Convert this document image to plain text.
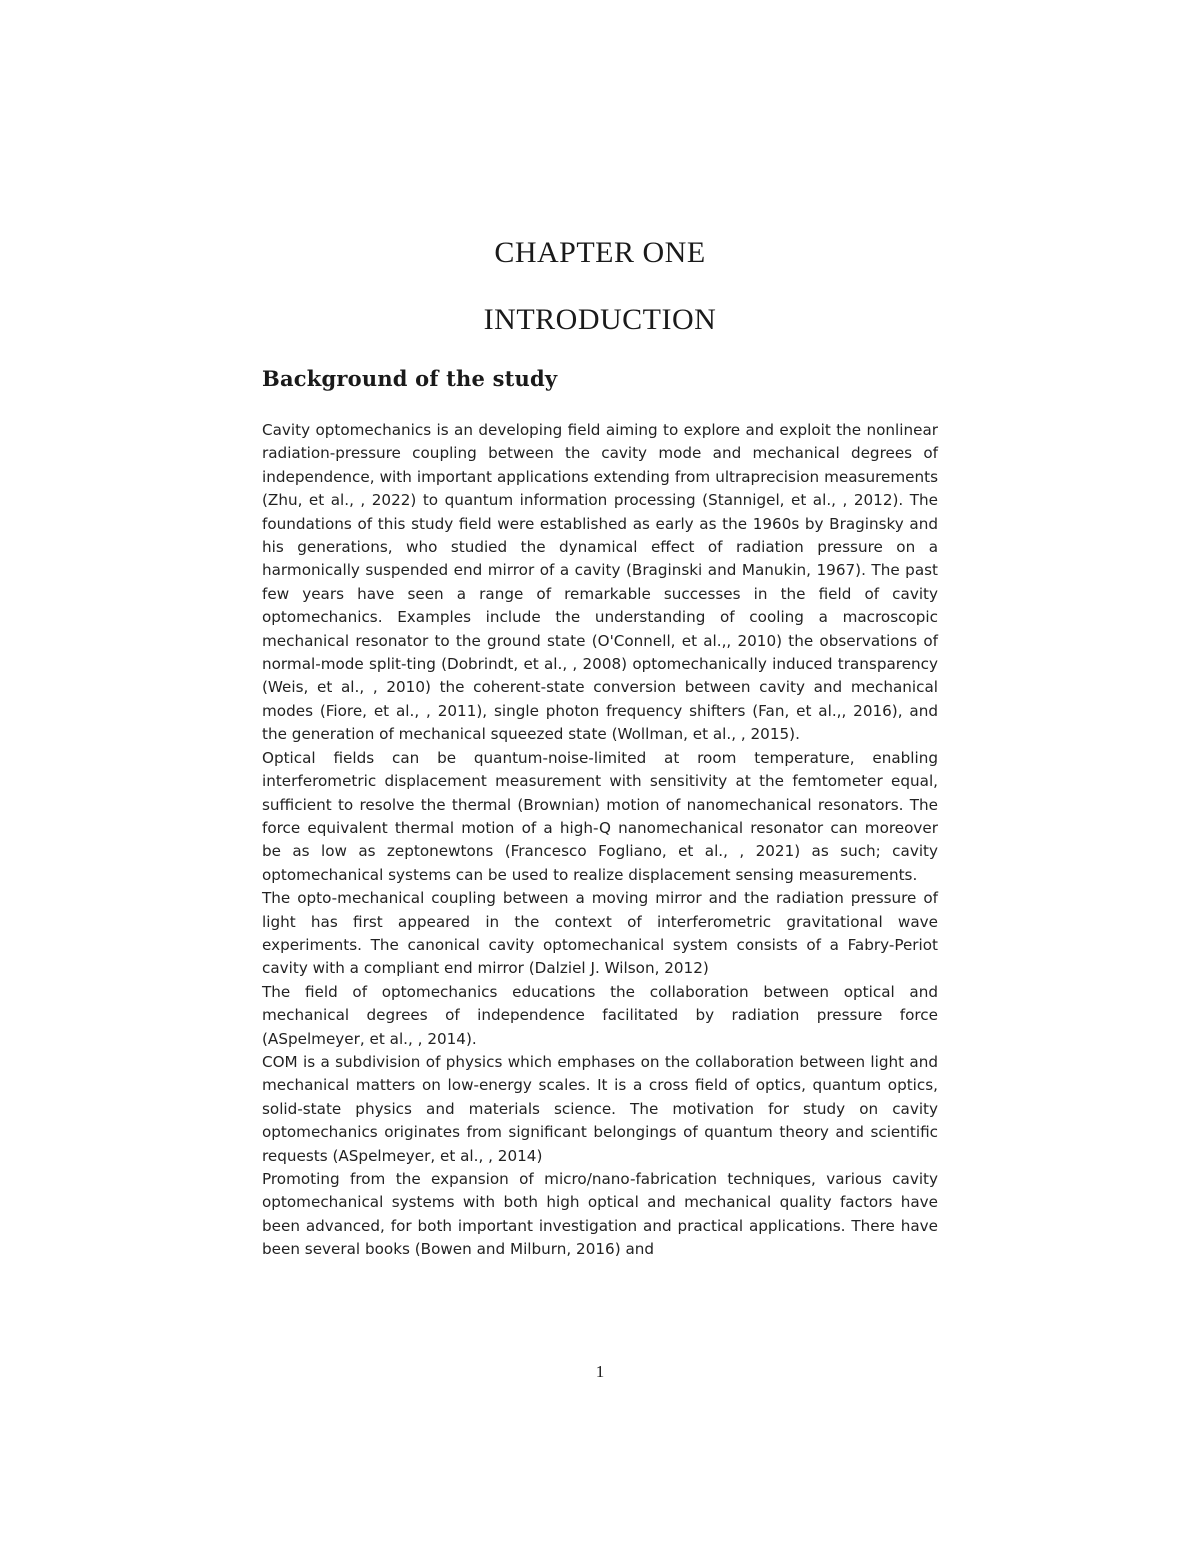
CHAPTER ONE
INTRODUCTION
Background of the study

Cavity optomechanics is an developing field aiming to explore and exploit the nonlinear radiation-pressure coupling between the cavity mode and mechanical degrees of independence, with important applications extending from ultraprecision measurements (Zhu, et al., , 2022) to quantum information processing (Stannigel, et al., , 2012). The foundations of this study field were established as early as the 1960s by Braginsky and his generations, who studied the dynamical effect of radiation pressure on a harmonically suspended end mirror of a cavity (Braginski and Manukin, 1967). The past few years have seen a range of remarkable successes in the field of cavity optomechanics. Examples include the understanding of cooling a macroscopic mechanical resonator to the ground state (O'Connell, et al.,, 2010) the observations of normal-mode split-ting (Dobrindt, et al., , 2008) optomechanically induced transparency (Weis, et al., , 2010) the coherent-state conversion between cavity and mechanical modes (Fiore, et al., , 2011), single photon frequency shifters (Fan, et al.,, 2016), and the generation of mechanical squeezed state (Wollman, et al., , 2015).

Optical fields can be quantum-noise-limited at room temperature, enabling interferometric displacement measurement with sensitivity at the femtometer equal, sufficient to resolve the thermal (Brownian) motion of nanomechanical resonators. The force equivalent thermal motion of a high-Q nanomechanical resonator can moreover be as low as zeptonewtons (Francesco Fogliano, et al., , 2021) as such; cavity optomechanical systems can be used to realize displacement sensing measurements.

The opto-mechanical coupling between a moving mirror and the radiation pressure of light has first appeared in the context of interferometric gravitational wave experiments. The canonical cavity optomechanical system consists of a Fabry-Periot cavity with a compliant end mirror (Dalziel J. Wilson, 2012)

The field of optomechanics educations the collaboration between optical and mechanical degrees of independence facilitated by radiation pressure force (ASpelmeyer, et al., , 2014).

COM is a subdivision of physics which emphases on the collaboration between light and mechanical matters on low-energy scales. It is a cross field of optics, quantum optics, solid-state physics and materials science. The motivation for study on cavity optomechanics originates from significant belongings of quantum theory and scientific requests (ASpelmeyer, et al., , 2014)

Promoting from the expansion of micro/nano-fabrication techniques, various cavity optomechanical systems with both high optical and mechanical quality factors have been advanced, for both important investigation and practical applications. There have been several books (Bowen and Milburn, 2016) and

1
